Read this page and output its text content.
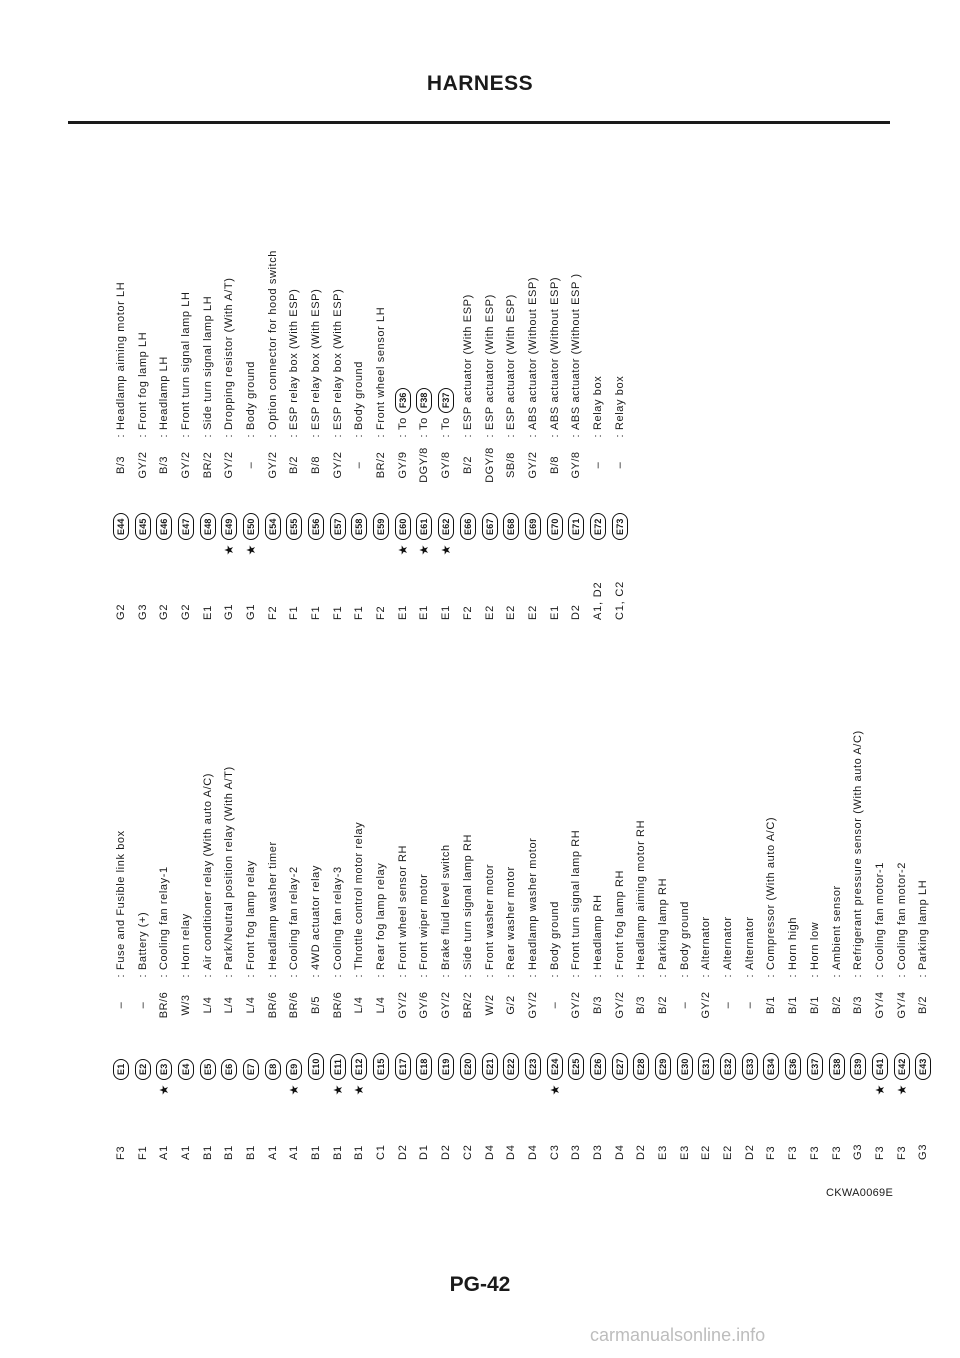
HARNESS
F3
E1
–
:
Fuse and Fusible link box
F1
E2
–
:
Battery (+)
A1
★
E3
BR/6
:
Cooling fan relay-1
A1
E4
W/3
:
Horn relay
B1
E5
L/4
:
Air conditioner relay (With auto A/C)
B1
E6
L/4
:
Park/Neutral position relay (With A/T)
B1
E7
L/4
:
Front fog lamp relay
A1
E8
BR/6
:
Headlamp washer timer
A1
★
E9
BR/6
:
Cooling fan relay-2
B1
E10
B/5
:
4WD actuator relay
B1
★
E11
BR/6
:
Cooling fan relay-3
B1
★
E12
L/4
:
Throttle control motor relay
C1
E15
L/4
:
Rear fog lamp relay
D2
E17
GY/2
:
Front wheel sensor RH
D1
E18
GY/6
:
Front wiper motor
D2
E19
GY/2
:
Brake fluid level switch
C2
E20
BR/2
:
Side turn signal lamp RH
D4
E21
W/2
:
Front washer motor
D4
E22
G/2
:
Rear washer motor
D4
E23
GY/2
:
Headlamp washer motor
C3
★
E24
–
:
Body ground
D3
E25
GY/2
:
Front turn signal lamp RH
D3
E26
B/3
:
Headlamp RH
D4
E27
GY/2
:
Front fog lamp RH
D2
E28
B/3
:
Headlamp aiming motor RH
E3
E29
B/2
:
Parking lamp RH
E3
E30
–
:
Body ground
E2
E31
GY/2
:
Alternator
E2
E32
–
:
Alternator
D2
E33
–
:
Alternator
F3
E34
B/1
:
Compressor (With auto A/C)
F3
E36
B/1
:
Horn high
F3
E37
B/1
:
Horn low
F3
E38
B/2
:
Ambient sensor
G3
E39
B/3
:
Refrigerant pressure sensor (With auto A/C)
F3
★
E41
GY/4
:
Cooling fan motor-1
F3
★
E42
GY/4
:
Cooling fan motor-2
G3
E43
B/2
:
Parking lamp LH
G2
E44
B/3
:
Headlamp aiming motor LH
G3
E45
GY/2
:
Front fog lamp LH
G2
E46
B/3
:
Headlamp LH
G2
E47
GY/2
:
Front turn signal lamp LH
E1
E48
BR/2
:
Side turn signal lamp LH
G1
★
E49
GY/2
:
Dropping resistor (With A/T)
G1
★
E50
–
:
Body ground
F2
E54
GY/2
:
Option connector for hood switch
F1
E55
B/2
:
ESP relay box (With ESP)
F1
E56
B/8
:
ESP relay box (With ESP)
F1
E57
GY/2
:
ESP relay box (With ESP)
F1
E58
–
:
Body ground
F2
E59
BR/2
:
Front wheel sensor LH
E1
★
E60
GY/9
:
To
F36
E1
★
E61
DGY/8
:
To
F38
E1
★
E62
GY/8
:
To
F37
F2
E66
B/2
:
ESP actuator (With ESP)
E2
E67
DGY/8
:
ESP actuator (With ESP)
E2
E68
SB/8
:
ESP actuator (With ESP)
E2
E69
GY/2
:
ABS actuator (Without ESP)
E1
E70
B/8
:
ABS actuator (Without ESP)
D2
E71
GY/8
:
ABS actuator (Without ESP )
A1, D2
E72
–
:
Relay box
C1, C2
E73
–
:
Relay box
CKWA0069E
PG-42
carmanualsonline.info
